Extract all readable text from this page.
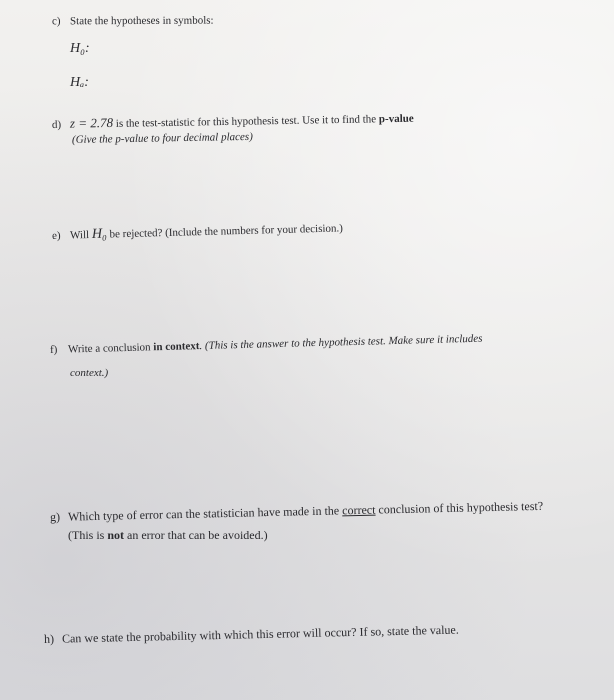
c) State the hypotheses in symbols:
H₀:
Hₐ:
d) z = 2.78 is the test-statistic for this hypothesis test. Use it to find the p-value
(Give the p-value to four decimal places)
e) Will H₀ be rejected? (Include the numbers for your decision.)
f) Write a conclusion in context. (This is the answer to the hypothesis test. Make sure it includes
context.)
g) Which type of error can the statistician have made in the correct conclusion of this hypothesis test?
(This is not an error that can be avoided.)
h) Can we state the probability with which this error will occur? If so, state the value.
